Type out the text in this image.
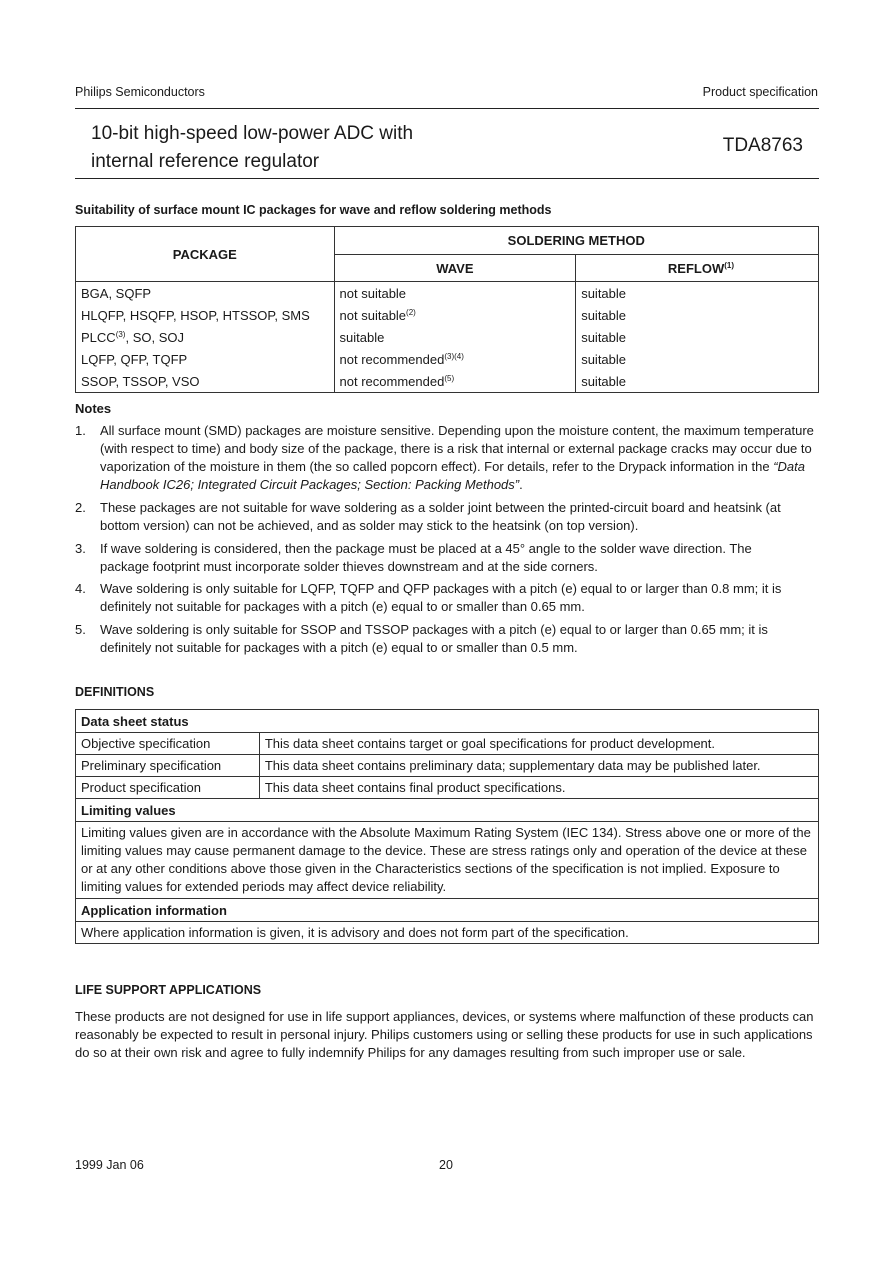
Philips Semiconductors	Product specification
10-bit high-speed low-power ADC with
internal reference regulator
TDA8763
Suitability of surface mount IC packages for wave and reflow soldering methods
PACKAGE	SOLDERING METHOD	
	WAVE	REFLOW$^{(1)}$
BGA, SQFP	not suitable	suitable
HLQFP, HSQFP, HSOP, HTSSOP, SMS	not suitable$^{(2)}$	suitable
PLCC$^{(3)}$, SO, SOJ	suitable	suitable
LQFP, QFP, TQFP	not recommended$^{(3)(4)}$	suitable
SSOP, TSSOP, VSO	not recommended$^{(5)}$	suitable
Notes
1. All surface mount (SMD) packages are moisture sensitive. Depending upon the moisture content, the maximum temperature (with respect to time) and body size of the package, there is a risk that internal or external package cracks may occur due to vaporization of the moisture in them (the so called popcorn effect). For details, refer to the Drypack information in the “Data Handbook IC26; Integrated Circuit Packages; Section: Packing Methods”.
2. These packages are not suitable for wave soldering as a solder joint between the printed-circuit board and heatsink (at bottom version) can not be achieved, and as solder may stick to the heatsink (on top version).
3. If wave soldering is considered, then the package must be placed at a 45° angle to the solder wave direction. The package footprint must incorporate solder thieves downstream and at the side corners.
4. Wave soldering is only suitable for LQFP, TQFP and QFP packages with a pitch (e) equal to or larger than 0.8 mm; it is definitely not suitable for packages with a pitch (e) equal to or smaller than 0.65 mm.
5. Wave soldering is only suitable for SSOP and TSSOP packages with a pitch (e) equal to or larger than 0.65 mm; it is definitely not suitable for packages with a pitch (e) equal to or smaller than 0.5 mm.
DEFINITIONS
Data sheet status	
Objective specification	This data sheet contains target or goal specifications for product development.
Preliminary specification	This data sheet contains preliminary data; supplementary data may be published later.
Product specification	This data sheet contains final product specifications.
Limiting values	
Limiting values given are in accordance with the Absolute Maximum Rating System (IEC 134). Stress above one or more of the limiting values may cause permanent damage to the device. These are stress ratings only and operation of the device at these or at any other conditions above those given in the Characteristics sections of the specification is not implied. Exposure to limiting values for extended periods may affect device reliability.	
Application information	
Where application information is given, it is advisory and does not form part of the specification.	
LIFE SUPPORT APPLICATIONS
These products are not designed for use in life support appliances, devices, or systems where malfunction of these products can reasonably be expected to result in personal injury. Philips customers using or selling these products for use in such applications do so at their own risk and agree to fully indemnify Philips for any damages resulting from such improper use or sale.
1999 Jan 06	20
